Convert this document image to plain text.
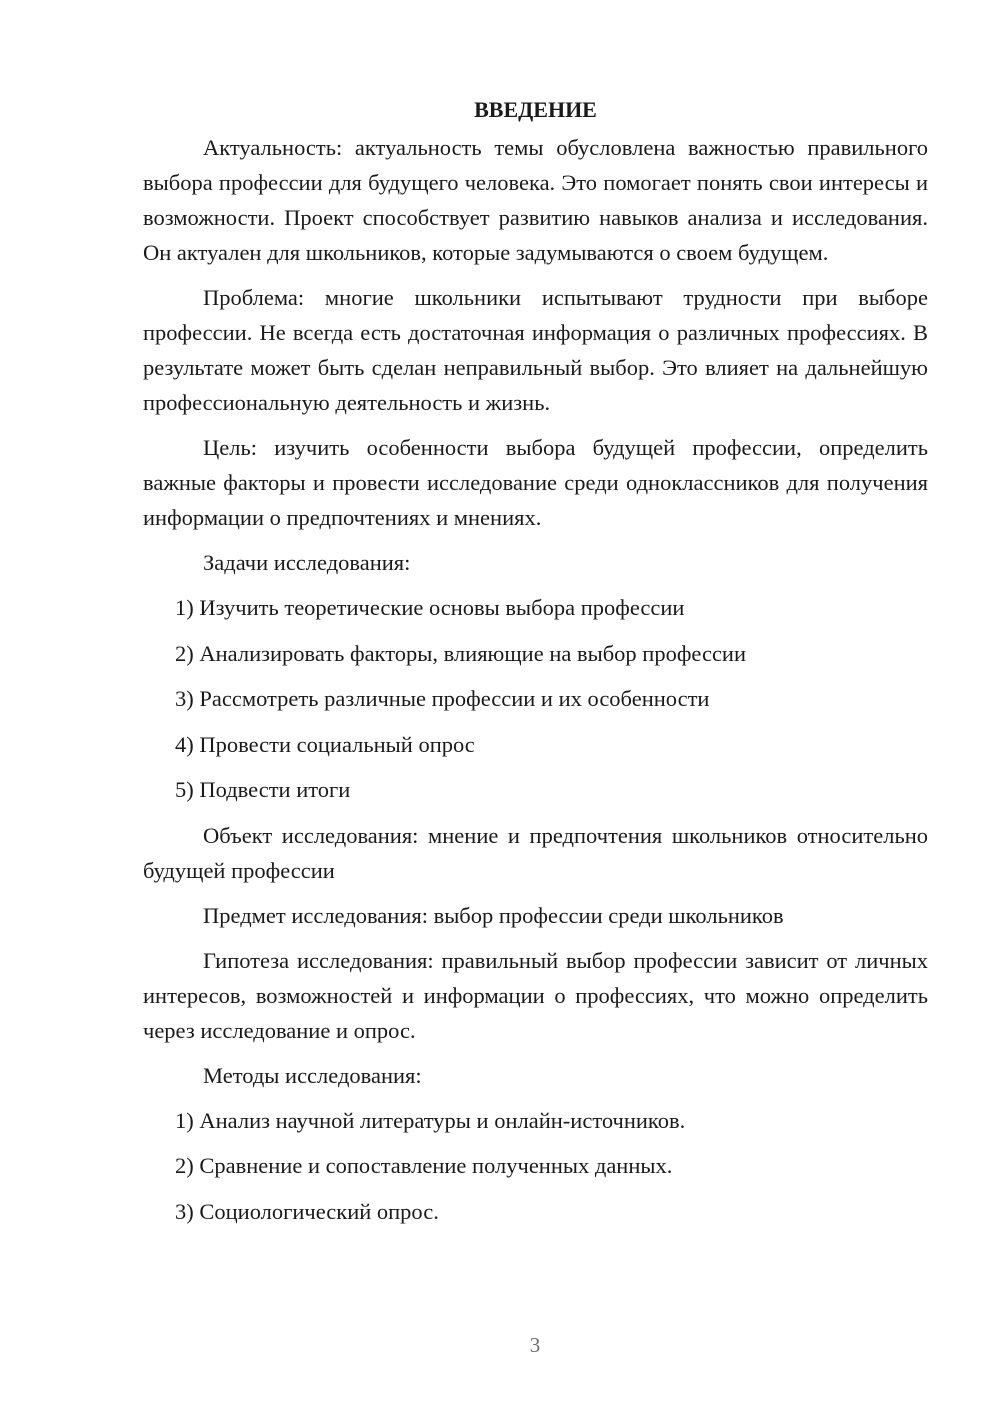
ВВЕДЕНИЕ

Актуальность: актуальность темы обусловлена важностью правильного выбора профессии для будущего человека. Это помогает понять свои интересы и возможности. Проект способствует развитию навыков анализа и исследования. Он актуален для школьников, которые задумываются о своем будущем.

Проблема: многие школьники испытывают трудности при выборе профессии. Не всегда есть достаточная информация о различных профессиях. В результате может быть сделан неправильный выбор. Это влияет на дальнейшую профессиональную деятельность и жизнь.

Цель: изучить особенности выбора будущей профессии, определить важные факторы и провести исследование среди одноклассников для получения информации о предпочтениях и мнениях.

Задачи исследования:
1) Изучить теоретические основы выбора профессии
2) Анализировать факторы, влияющие на выбор профессии
3) Рассмотреть различные профессии и их особенности
4) Провести социальный опрос
5) Подвести итоги

Объект исследования: мнение и предпочтения школьников относительно будущей профессии

Предмет исследования: выбор профессии среди школьников

Гипотеза исследования: правильный выбор профессии зависит от личных интересов, возможностей и информации о профессиях, что можно определить через исследование и опрос.

Методы исследования:
1) Анализ научной литературы и онлайн-источников.
2) Сравнение и сопоставление полученных данных.
3) Социологический опрос.
3
